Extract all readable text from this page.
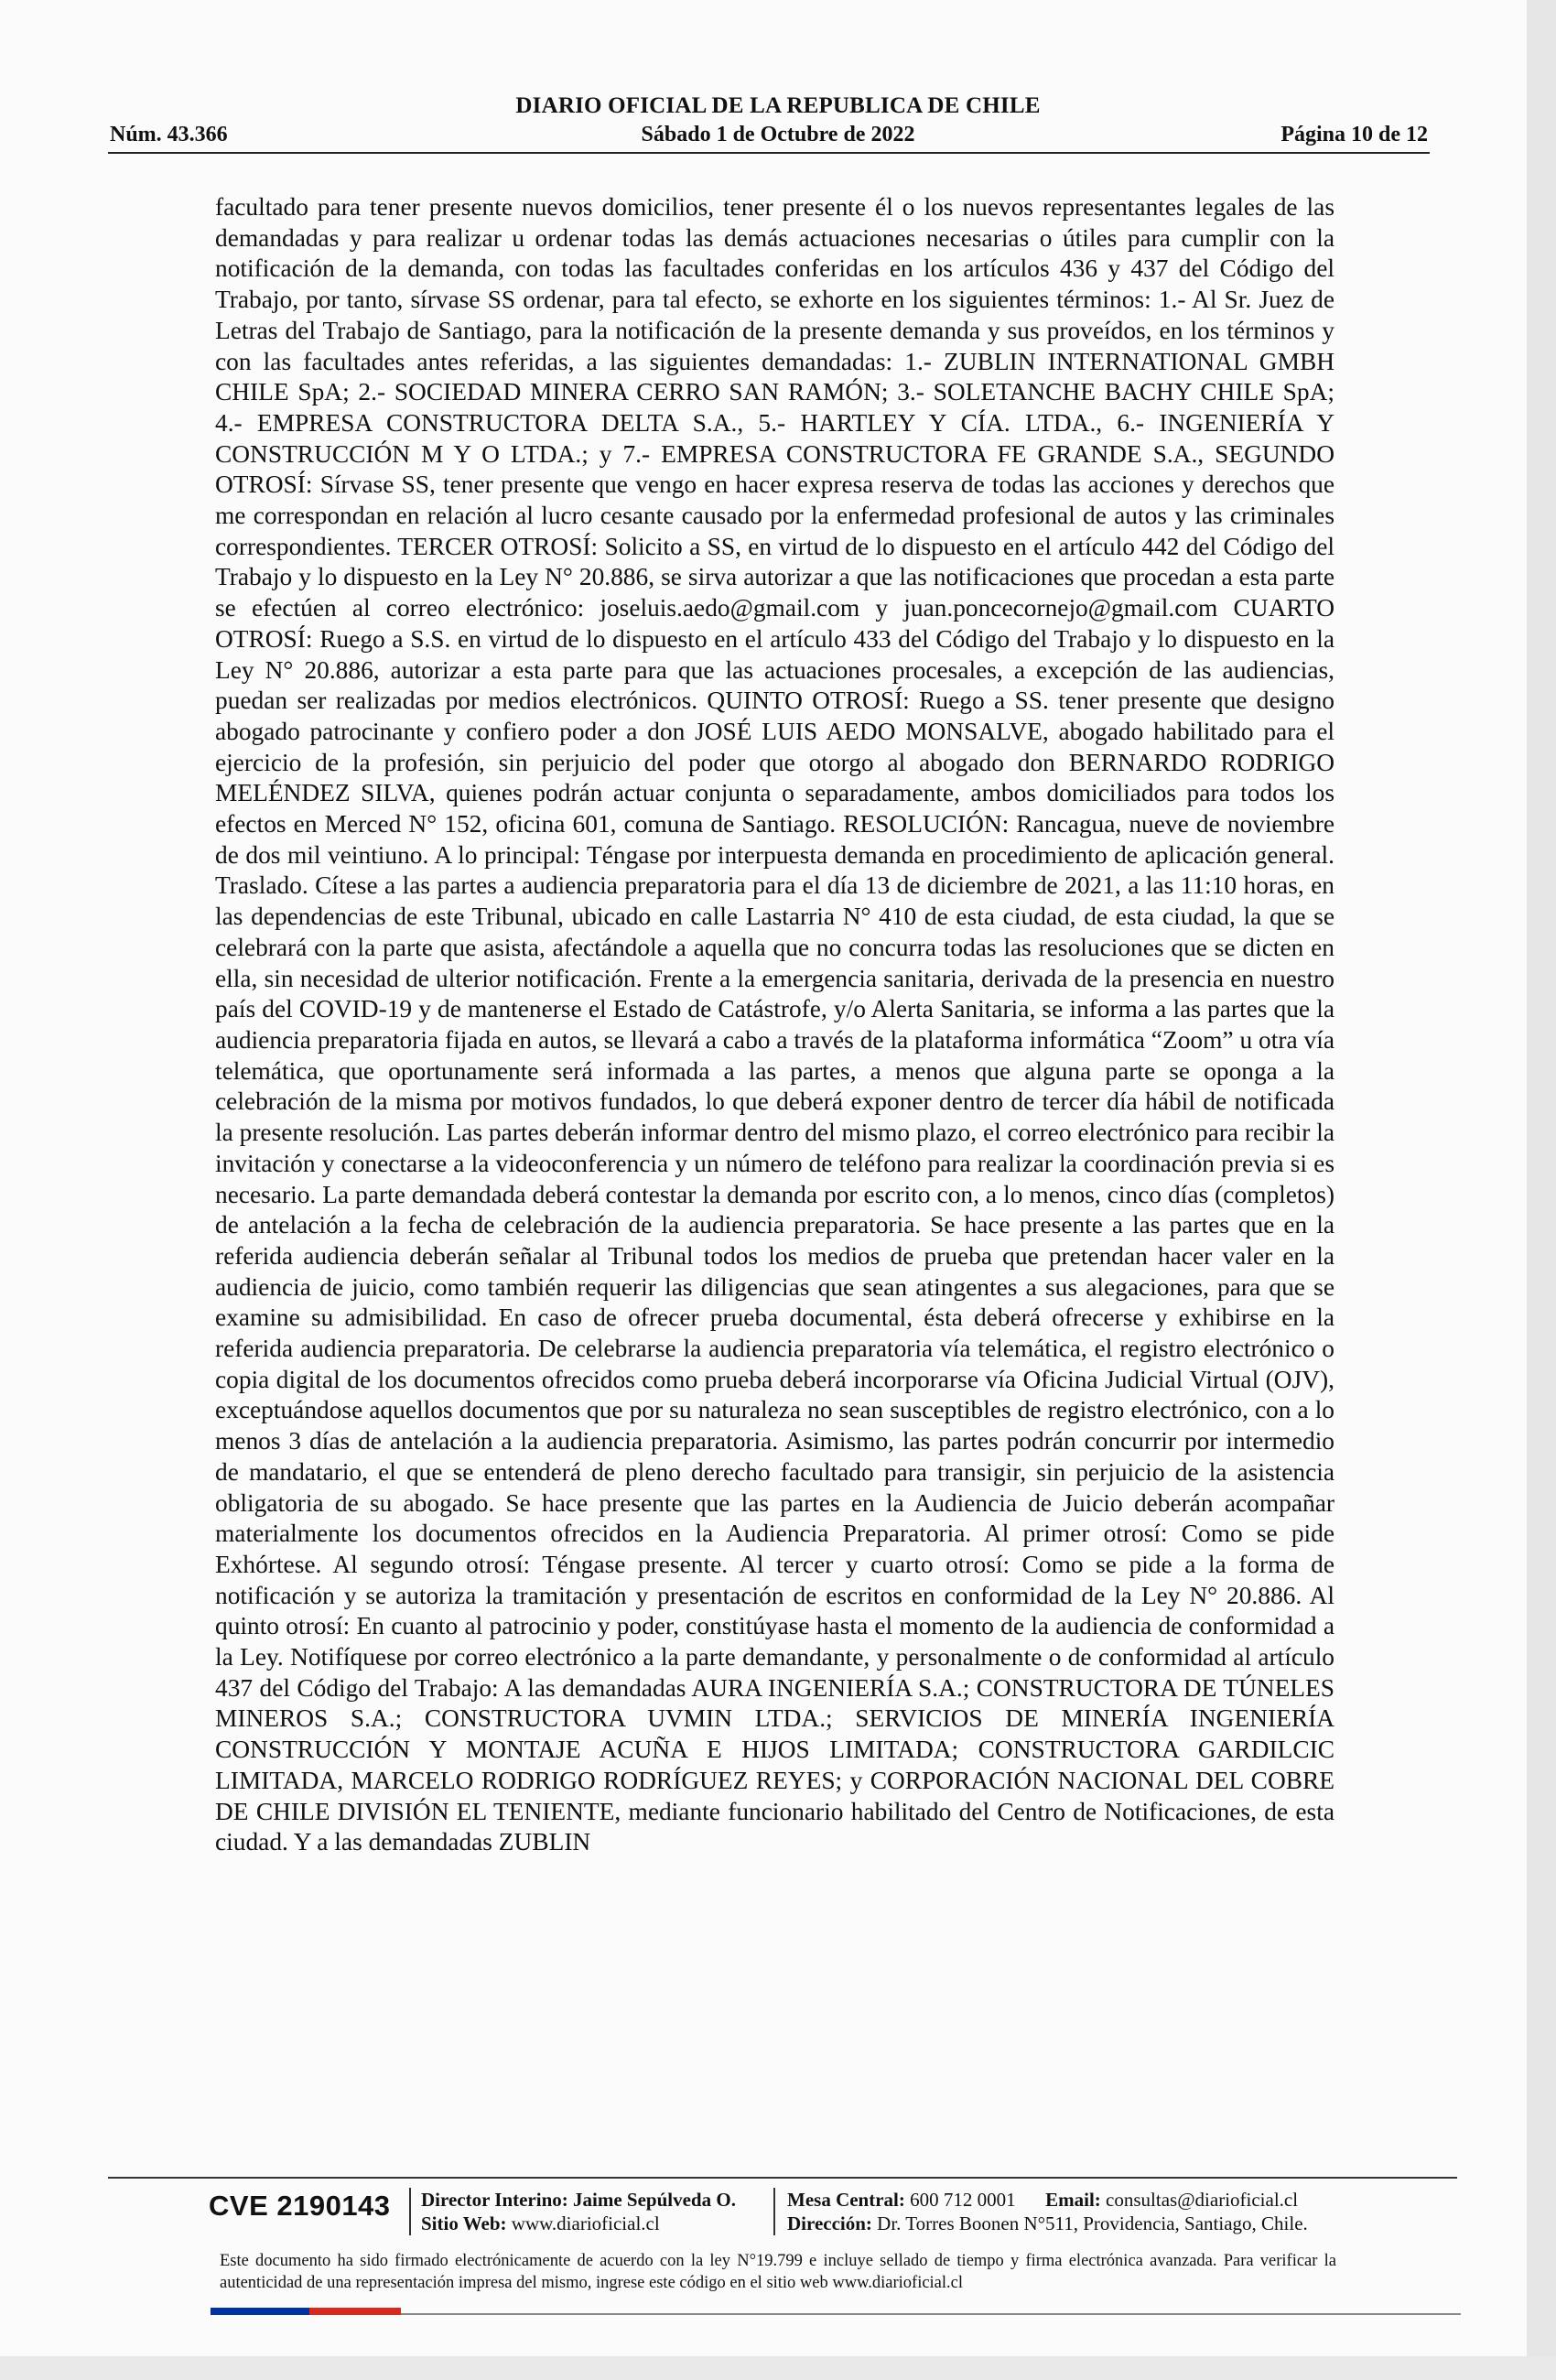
DIARIO OFICIAL DE LA REPUBLICA DE CHILE
Núm. 43.366	Sábado 1 de Octubre de 2022	Página 10 de 12
facultado para tener presente nuevos domicilios, tener presente él o los nuevos representantes legales de las demandadas y para realizar u ordenar todas las demás actuaciones necesarias o útiles para cumplir con la notificación de la demanda, con todas las facultades conferidas en los artículos 436 y 437 del Código del Trabajo, por tanto, sírvase SS ordenar, para tal efecto, se exhorte en los siguientes términos: 1.- Al Sr. Juez de Letras del Trabajo de Santiago, para la notificación de la presente demanda y sus proveídos, en los términos y con las facultades antes referidas, a las siguientes demandadas: 1.- ZUBLIN INTERNATIONAL GMBH CHILE SpA; 2.- SOCIEDAD MINERA CERRO SAN RAMÓN; 3.- SOLETANCHE BACHY CHILE SpA; 4.- EMPRESA CONSTRUCTORA DELTA S.A., 5.- HARTLEY Y CÍA. LTDA., 6.- INGENIERÍA Y CONSTRUCCIÓN M Y O LTDA.; y 7.- EMPRESA CONSTRUCTORA FE GRANDE S.A., SEGUNDO OTROSÍ: Sírvase SS, tener presente que vengo en hacer expresa reserva de todas las acciones y derechos que me correspondan en relación al lucro cesante causado por la enfermedad profesional de autos y las criminales correspondientes. TERCER OTROSÍ: Solicito a SS, en virtud de lo dispuesto en el artículo 442 del Código del Trabajo y lo dispuesto en la Ley N° 20.886, se sirva autorizar a que las notificaciones que procedan a esta parte se efectúen al correo electrónico: joseluis.aedo@gmail.com y juan.poncecornejo@gmail.com CUARTO OTROSÍ: Ruego a S.S. en virtud de lo dispuesto en el artículo 433 del Código del Trabajo y lo dispuesto en la Ley N° 20.886, autorizar a esta parte para que las actuaciones procesales, a excepción de las audiencias, puedan ser realizadas por medios electrónicos. QUINTO OTROSÍ: Ruego a SS. tener presente que designo abogado patrocinante y confiero poder a don JOSÉ LUIS AEDO MONSALVE, abogado habilitado para el ejercicio de la profesión, sin perjuicio del poder que otorgo al abogado don BERNARDO RODRIGO MELÉNDEZ SILVA, quienes podrán actuar conjunta o separadamente, ambos domiciliados para todos los efectos en Merced N° 152, oficina 601, comuna de Santiago. RESOLUCIÓN: Rancagua, nueve de noviembre de dos mil veintiuno. A lo principal: Téngase por interpuesta demanda en procedimiento de aplicación general. Traslado. Cítese a las partes a audiencia preparatoria para el día 13 de diciembre de 2021, a las 11:10 horas, en las dependencias de este Tribunal, ubicado en calle Lastarria N° 410 de esta ciudad, de esta ciudad, la que se celebrará con la parte que asista, afectándole a aquella que no concurra todas las resoluciones que se dicten en ella, sin necesidad de ulterior notificación. Frente a la emergencia sanitaria, derivada de la presencia en nuestro país del COVID-19 y de mantenerse el Estado de Catástrofe, y/o Alerta Sanitaria, se informa a las partes que la audiencia preparatoria fijada en autos, se llevará a cabo a través de la plataforma informática “Zoom” u otra vía telemática, que oportunamente será informada a las partes, a menos que alguna parte se oponga a la celebración de la misma por motivos fundados, lo que deberá exponer dentro de tercer día hábil de notificada la presente resolución. Las partes deberán informar dentro del mismo plazo, el correo electrónico para recibir la invitación y conectarse a la videoconferencia y un número de teléfono para realizar la coordinación previa si es necesario. La parte demandada deberá contestar la demanda por escrito con, a lo menos, cinco días (completos) de antelación a la fecha de celebración de la audiencia preparatoria. Se hace presente a las partes que en la referida audiencia deberán señalar al Tribunal todos los medios de prueba que pretendan hacer valer en la audiencia de juicio, como también requerir las diligencias que sean atingentes a sus alegaciones, para que se examine su admisibilidad. En caso de ofrecer prueba documental, ésta deberá ofrecerse y exhibirse en la referida audiencia preparatoria. De celebrarse la audiencia preparatoria vía telemática, el registro electrónico o copia digital de los documentos ofrecidos como prueba deberá incorporarse vía Oficina Judicial Virtual (OJV), exceptuándose aquellos documentos que por su naturaleza no sean susceptibles de registro electrónico, con a lo menos 3 días de antelación a la audiencia preparatoria. Asimismo, las partes podrán concurrir por intermedio de mandatario, el que se entenderá de pleno derecho facultado para transigir, sin perjuicio de la asistencia obligatoria de su abogado. Se hace presente que las partes en la Audiencia de Juicio deberán acompañar materialmente los documentos ofrecidos en la Audiencia Preparatoria. Al primer otrosí: Como se pide Exhórtese. Al segundo otrosí: Téngase presente. Al tercer y cuarto otrosí: Como se pide a la forma de notificación y se autoriza la tramitación y presentación de escritos en conformidad de la Ley N° 20.886. Al quinto otrosí: En cuanto al patrocinio y poder, constitúyase hasta el momento de la audiencia de conformidad a la Ley. Notifíquese por correo electrónico a la parte demandante, y personalmente o de conformidad al artículo 437 del Código del Trabajo: A las demandadas AURA INGENIERÍA S.A.; CONSTRUCTORA DE TÚNELES MINEROS S.A.; CONSTRUCTORA UVMIN LTDA.; SERVICIOS DE MINERÍA INGENIERÍA CONSTRUCCIÓN Y MONTAJE ACUÑA E HIJOS LIMITADA; CONSTRUCTORA GARDILCIC LIMITADA, MARCELO RODRIGO RODRÍGUEZ REYES; y CORPORACIÓN NACIONAL DEL COBRE DE CHILE DIVISIÓN EL TENIENTE, mediante funcionario habilitado del Centro de Notificaciones, de esta ciudad. Y a las demandadas ZUBLIN
CVE 2190143 Director Interino: Jaime Sepúlveda O.
Sitio Web: www.diarioficial.cl
Mesa Central: 600 712 0001 Email: consultas@diarioficial.cl
Dirección: Dr. Torres Boonen N°511, Providencia, Santiago, Chile.
Este documento ha sido firmado electrónicamente de acuerdo con la ley N°19.799 e incluye sellado de tiempo y firma electrónica avanzada. Para verificar la autenticidad de una representación impresa del mismo, ingrese este código en el sitio web www.diarioficial.cl
